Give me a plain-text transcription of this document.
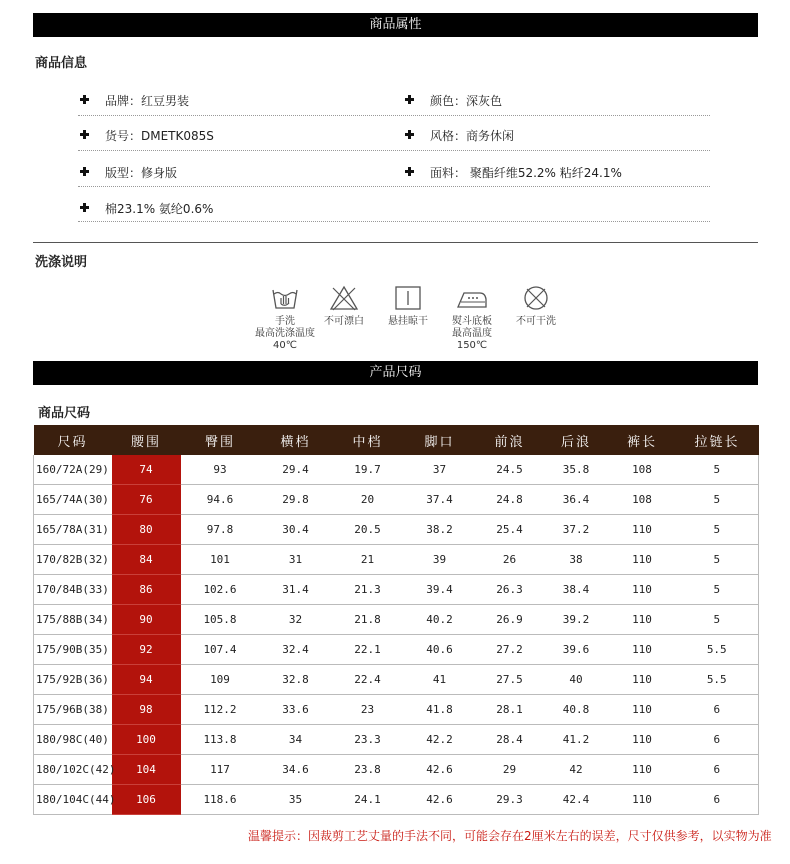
商品属性
商品信息
品牌：红豆男装	颜色：深灰色
货号：DMETK085S	风格：商务休闲
版型：修身版	面料： 聚酯纤维52.2% 粘纤24.1%
棉23.1% 氨纶0.6%
洗涤说明
手洗
最高洗涤温度40℃
不可漂白 悬挂晾干	熨斗底板
最高温度150℃
不可干洗
产品尺码
商品尺码
尺码	腰围	臀围	横档	中档	脚口	前浪	后浪	裤长	拉链长
160/72A(29)	74	93	29.4	19.7	37	24.5	35.8	108	5
165/74A(30)	76	94.6	29.8	20	37.4	24.8	36.4	108	5
165/78A(31)	80	97.8	30.4	20.5	38.2	25.4	37.2	110	5
170/82B(32)	84	101	31	21	39	26	38	110	5
170/84B(33)	86	102.6	31.4	21.3	39.4	26.3	38.4	110	5
175/88B(34)	90	105.8	32	21.8	40.2	26.9	39.2	110	5
175/90B(35)	92	107.4	32.4	22.1	40.6	27.2	39.6	110	5.5
175/92B(36)	94	109	32.8	22.4	41	27.5	40	110	5.5
175/96B(38)	98	112.2	33.6	23	41.8	28.1	40.8	110	6
180/98C(40)	100	113.8	34	23.3	42.2	28.4	41.2	110	6
180/102C(42)	104	117	34.6	23.8	42.6	29	42	110	6
180/104C(44)	106	118.6	35	24.1	42.6	29.3	42.4	110	6
温馨提示：因裁剪工艺丈量的手法不同，可能会存在2厘米左右的误差，尺寸仅供参考，以实物为准
